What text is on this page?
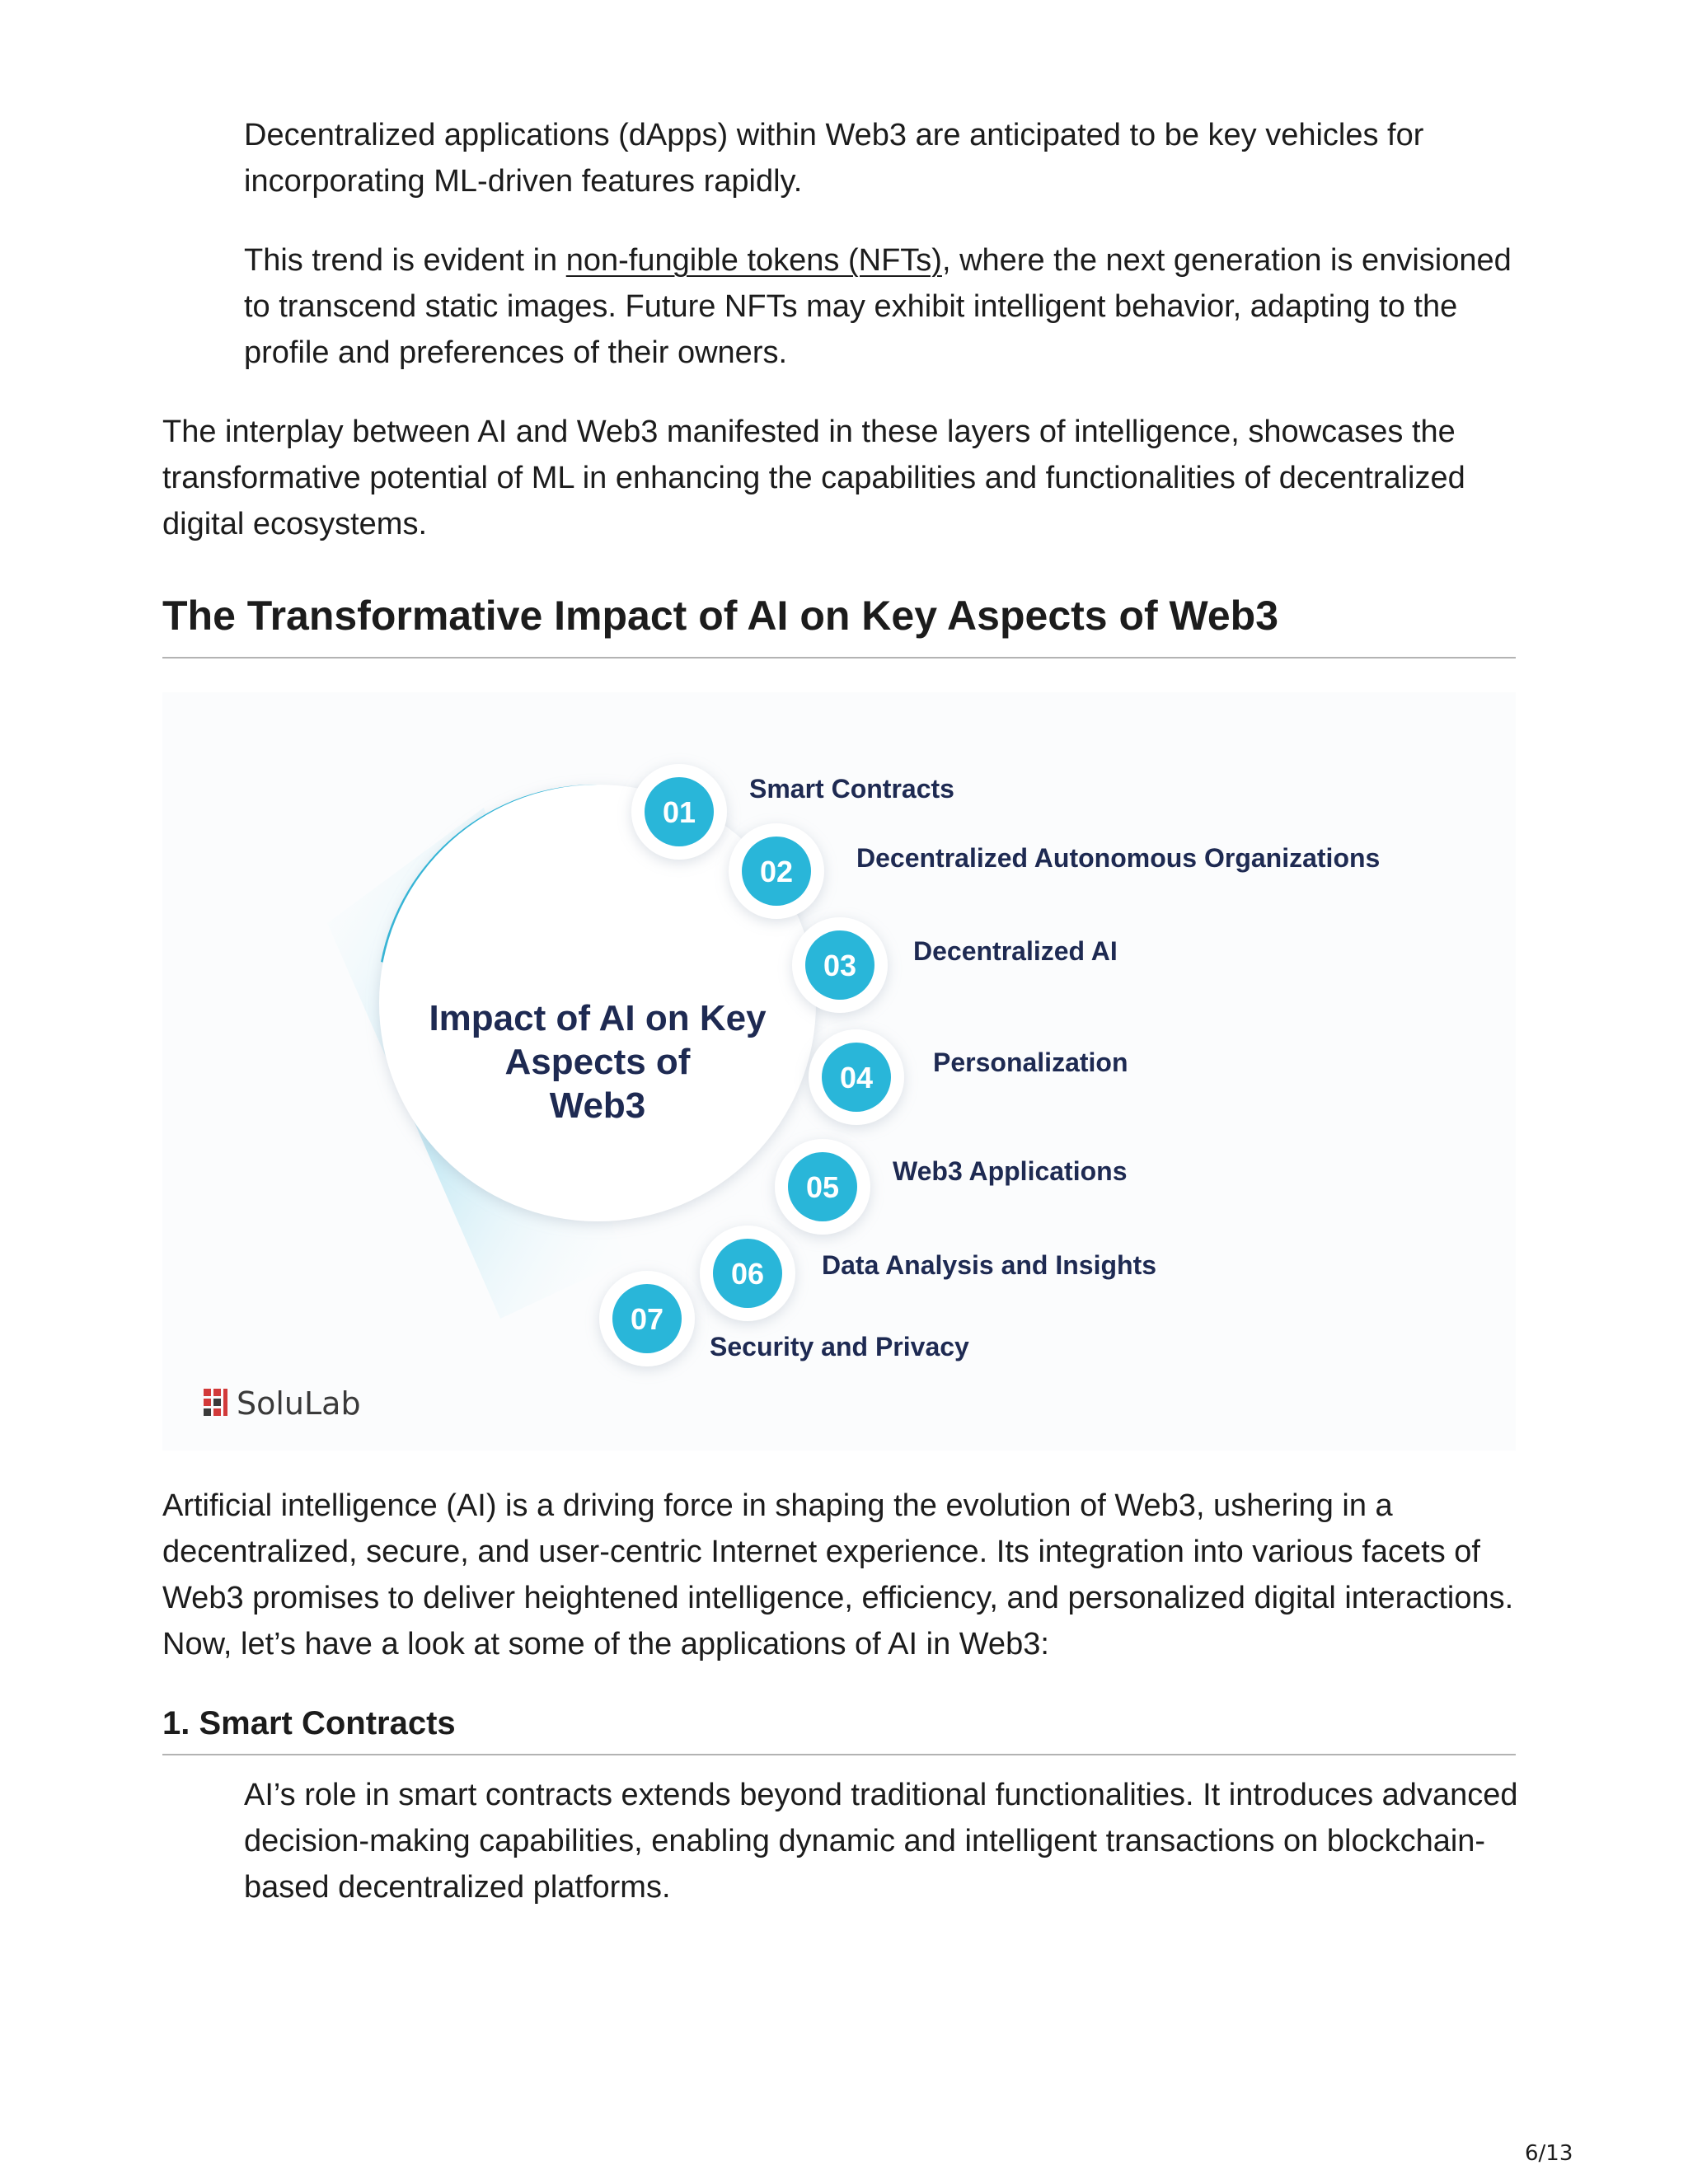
Decentralized applications (dApps) within Web3 are anticipated to be key vehicles for incorporating ML-driven features rapidly.

This trend is evident in non-fungible tokens (NFTs), where the next generation is envisioned to transcend static images. Future NFTs may exhibit intelligent behavior, adapting to the profile and preferences of their owners.

The interplay between AI and Web3 manifested in these layers of intelligence, showcases the transformative potential of ML in enhancing the capabilities and functionalities of decentralized digital ecosystems.

The Transformative Impact of AI on Key Aspects of Web3
Impact of AI on Key
Aspects of
Web3
01
Smart Contracts
02 Decentralized Autonomous Organizations
03 Decentralized AI
04 Personalization
05 Web3 Applications
06 Data Analysis and Insights
07
Security and Privacy
SoluLab

Artificial intelligence (AI) is a driving force in shaping the evolution of Web3, ushering in a decentralized, secure, and user-centric Internet experience. Its integration into various facets of Web3 promises to deliver heightened intelligence, efficiency, and personalized digital interactions. Now, let’s have a look at some of the applications of AI in Web3:

1. Smart Contracts

AI’s role in smart contracts extends beyond traditional functionalities. It introduces advanced decision-making capabilities, enabling dynamic and intelligent transactions on blockchain-based decentralized platforms.

6/13
